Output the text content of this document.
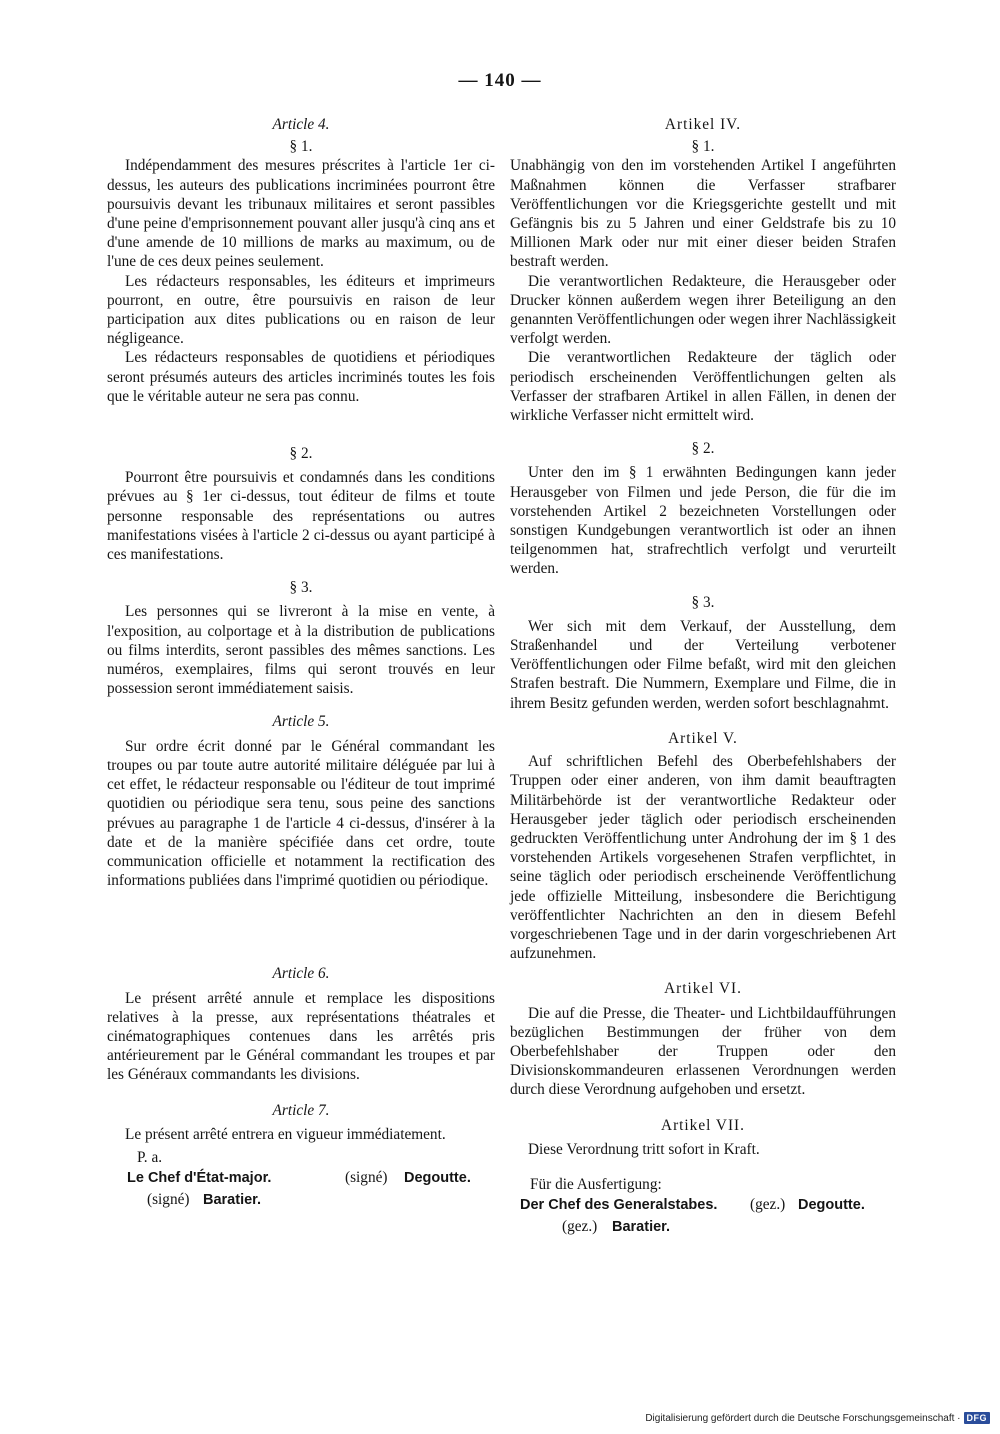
— 140 —

Article 4.

§ 1.

Indépendamment des mesures préscrites à l'article 1er ci-dessus, les auteurs des publications incriminées pourront être poursuivis devant les tribunaux militaires et seront passibles d'une peine d'emprisonnement pouvant aller jusqu'à cinq ans et d'une amende de 10 millions de marks au maximum, ou de l'une de ces deux peines seulement.

Les rédacteurs responsables, les éditeurs et imprimeurs pourront, en outre, être poursuivis en raison de leur participation aux dites publications ou en raison de leur négligeance.

Les rédacteurs responsables de quotidiens et périodiques seront présumés auteurs des articles incriminés toutes les fois que le véritable auteur ne sera pas connu.

§ 2.

Pourront être poursuivis et condamnés dans les conditions prévues au § 1er ci-dessus, tout éditeur de films et toute personne responsable des représentations ou autres manifestations visées à l'article 2 ci-dessus ou ayant participé à ces manifestations.

§ 3.

Les personnes qui se livreront à la mise en vente, à l'exposition, au colportage et à la distribution de publications ou films interdits, seront passibles des mêmes sanctions. Les numéros, exemplaires, films qui seront trouvés en leur possession seront immédiatement saisis.

Article 5.

Sur ordre écrit donné par le Général commandant les troupes ou par toute autre autorité militaire déléguée par lui à cet effet, le rédacteur responsable ou l'éditeur de tout imprimé quotidien ou périodique sera tenu, sous peine des sanctions prévues au paragraphe 1 de l'article 4 ci-dessus, d'insérer à la date et de la manière spécifiée dans cet ordre, toute communication officielle et notamment la rectification des informations publiées dans l'imprimé quotidien ou périodique.

Article 6.

Le présent arrêté annule et remplace les dispositions relatives à la presse, aux représentations théatrales et cinématographiques contenues dans les arrêtés pris antérieurement par le Général commandant les troupes et par les Généraux commandants les divisions.

Article 7.

Le présent arrêté entrera en vigueur immédiatement.

P. a.
Le Chef d'État-major.	(signé) Degoutte.
(signé) Baratier.

Artikel IV.

§ 1.

Unabhängig von den im vorstehenden Artikel I angeführten Maßnahmen können die Verfasser strafbarer Veröffentlichungen vor die Kriegsgerichte gestellt und mit Gefängnis bis zu 5 Jahren und einer Geldstrafe bis zu 10 Millionen Mark oder nur mit einer dieser beiden Strafen bestraft werden.

Die verantwortlichen Redakteure, die Herausgeber oder Drucker können außerdem wegen ihrer Beteiligung an den genannten Veröffentlichungen oder wegen ihrer Nachlässigkeit verfolgt werden.

Die verantwortlichen Redakteure der täglich oder periodisch erscheinenden Veröffentlichungen gelten als Verfasser der strafbaren Artikel in allen Fällen, in denen der wirkliche Verfasser nicht ermittelt wird.

§ 2.

Unter den im § 1 erwähnten Bedingungen kann jeder Herausgeber von Filmen und jede Person, die für die im vorstehenden Artikel 2 bezeichneten Vorstellungen oder sonstigen Kundgebungen verantwortlich ist oder an ihnen teilgenommen hat, strafrechtlich verfolgt und verurteilt werden.

§ 3.

Wer sich mit dem Verkauf, der Ausstellung, dem Straßenhandel und der Verteilung verbotener Veröffentlichungen oder Filme befaßt, wird mit den gleichen Strafen bestraft. Die Nummern, Exemplare und Filme, die in ihrem Besitz gefunden werden, werden sofort beschlagnahmt.

Artikel V.

Auf schriftlichen Befehl des Oberbefehlshabers der Truppen oder einer anderen, von ihm damit beauftragten Militärbehörde ist der verantwortliche Redakteur oder Herausgeber jeder täglich oder periodisch erscheinenden gedruckten Veröffentlichung unter Androhung der im § 1 des vorstehenden Artikels vorgesehenen Strafen verpflichtet, in seine täglich oder periodisch erscheinende Veröffentlichung jede offizielle Mitteilung, insbesondere die Berichtigung veröffentlichter Nachrichten an den in diesem Befehl vorgeschriebenen Tage und in der darin vorgeschriebenen Art aufzunehmen.

Artikel VI.

Die auf die Presse, die Theater- und Lichtbildaufführungen bezüglichen Bestimmungen der früher von dem Oberbefehlshaber der Truppen oder den Divisionskommandeuren erlassenen Verordnungen werden durch diese Verordnung aufgehoben und ersetzt.

Artikel VII.

Diese Verordnung tritt sofort in Kraft.

Für die Ausfertigung:
Der Chef des Generalstabes. (gez.) Degoutte.
(gez.) Baratier.
Digitalisierung gefördert durch die Deutsche Forschungsgemeinschaft · DFG
